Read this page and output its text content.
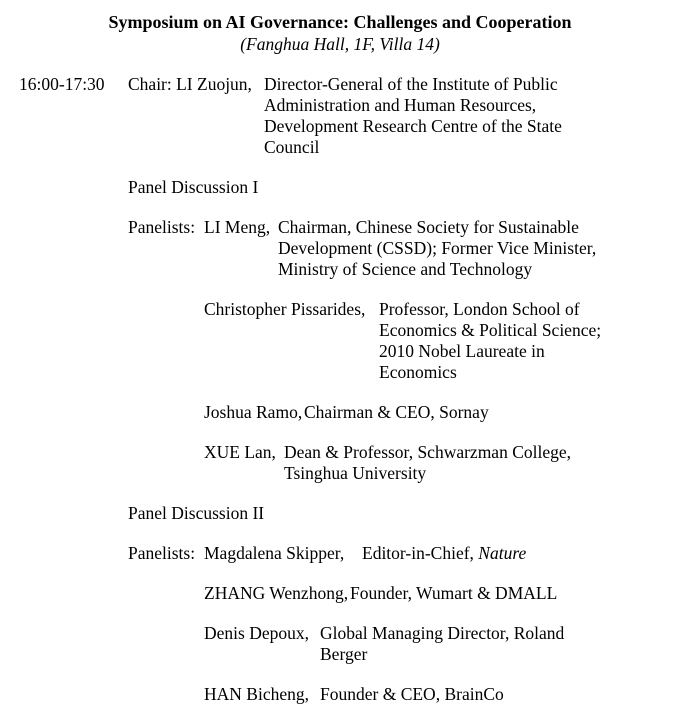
Symposium on AI Governance: Challenges and Cooperation
(Fanghua Hall, 1F, Villa 14)
16:00-17:30 Chair: LI Zuojun, Director-General of the Institute of Public
Administration and Human Resources,
Development Research Centre of the State
Council
Panel Discussion I
Panelists: LI Meng, Chairman, Chinese Society for Sustainable
Development (CSSD); Former Vice Minister,
Ministry of Science and Technology
Christopher Pissarides, Professor, London School of
Economics & Political Science;
2010 Nobel Laureate in
Economics
Joshua Ramo, Chairman & CEO, Sornay
XUE Lan, Dean & Professor, Schwarzman College,
Tsinghua University
Panel Discussion II
Panelists: Magdalena Skipper, Editor-in-Chief, Nature
ZHANG Wenzhong, Founder, Wumart & DMALL
Denis Depoux, Global Managing Director, Roland
Berger
HAN Bicheng, Founder & CEO, BrainCo
